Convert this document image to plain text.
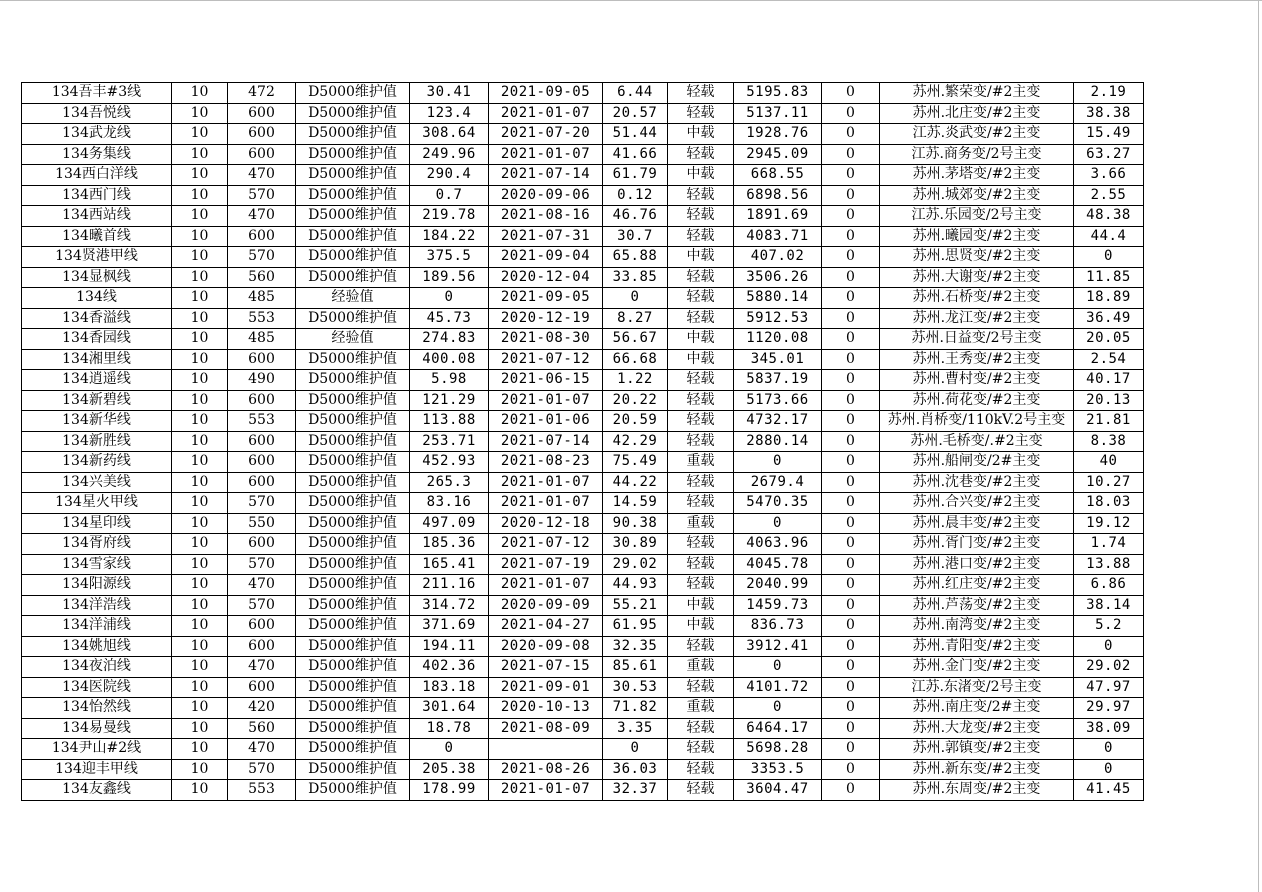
134吾丰#3线	10	472	D5000维护值	30.41	2021-09-05	6.44	轻载	5195.83	0	苏州.繁荣变/#2主变	2.19
134吾悦线	10	600	D5000维护值	123.4	2021-01-07	20.57	轻载	5137.11	0	苏州.北庄变/#2主变	38.38
134武龙线	10	600	D5000维护值	308.64	2021-07-20	51.44	中载	1928.76	0	江苏.炎武变/#2主变	15.49
134务集线	10	600	D5000维护值	249.96	2021-01-07	41.66	轻载	2945.09	0	江苏.商务变/2号主变	63.27
134西白洋线	10	470	D5000维护值	290.4	2021-07-14	61.79	中载	668.55	0	苏州.茅塔变/#2主变	3.66
134西门线	10	570	D5000维护值	0.7	2020-09-06	0.12	轻载	6898.56	0	苏州.城郊变/#2主变	2.55
134西站线	10	470	D5000维护值	219.78	2021-08-16	46.76	轻载	1891.69	0	江苏.乐园变/2号主变	48.38
134曦首线	10	600	D5000维护值	184.22	2021-07-31	30.7	轻载	4083.71	0	苏州.曦园变/#2主变	44.4
134贤港甲线	10	570	D5000维护值	375.5	2021-09-04	65.88	中载	407.02	0	苏州.思贤变/#2主变	0
134显枫线	10	560	D5000维护值	189.56	2020-12-04	33.85	轻载	3506.26	0	苏州.大谢变/#2主变	11.85
134线	10	485	经验值	0	2021-09-05	0	轻载	5880.14	0	苏州.石桥变/#2主变	18.89
134香溢线	10	553	D5000维护值	45.73	2020-12-19	8.27	轻载	5912.53	0	苏州.龙江变/#2主变	36.49
134香园线	10	485	经验值	274.83	2021-08-30	56.67	中载	1120.08	0	苏州.日益变/2号主变	20.05
134湘里线	10	600	D5000维护值	400.08	2021-07-12	66.68	中载	345.01	0	苏州.王秀变/#2主变	2.54
134逍遥线	10	490	D5000维护值	5.98	2021-06-15	1.22	轻载	5837.19	0	苏州.曹村变/#2主变	40.17
134新碧线	10	600	D5000维护值	121.29	2021-01-07	20.22	轻载	5173.66	0	苏州.荷花变/#2主变	20.13
134新华线	10	553	D5000维护值	113.88	2021-01-06	20.59	轻载	4732.17	0	苏州.肖桥变/110kV.2号主变	21.81
134新胜线	10	600	D5000维护值	253.71	2021-07-14	42.29	轻载	2880.14	0	苏州.毛桥变/.#2主变	8.38
134新药线	10	600	D5000维护值	452.93	2021-08-23	75.49	重载	0	0	苏州.船闸变/2#主变	40
134兴美线	10	600	D5000维护值	265.3	2021-01-07	44.22	轻载	2679.4	0	苏州.沈巷变/#2主变	10.27
134星火甲线	10	570	D5000维护值	83.16	2021-01-07	14.59	轻载	5470.35	0	苏州.合兴变/#2主变	18.03
134星印线	10	550	D5000维护值	497.09	2020-12-18	90.38	重载	0	0	苏州.晨丰变/#2主变	19.12
134胥府线	10	600	D5000维护值	185.36	2021-07-12	30.89	轻载	4063.96	0	苏州.胥门变/#2主变	1.74
134雪家线	10	570	D5000维护值	165.41	2021-07-19	29.02	轻载	4045.78	0	苏州.港口变/#2主变	13.88
134阳源线	10	470	D5000维护值	211.16	2021-01-07	44.93	轻载	2040.99	0	苏州.红庄变/#2主变	6.86
134洋浩线	10	570	D5000维护值	314.72	2020-09-09	55.21	中载	1459.73	0	苏州.芦荡变/#2主变	38.14
134洋浦线	10	600	D5000维护值	371.69	2021-04-27	61.95	中载	836.73	0	苏州.南湾变/#2主变	5.2
134姚旭线	10	600	D5000维护值	194.11	2020-09-08	32.35	轻载	3912.41	0	苏州.青阳变/#2主变	0
134夜泊线	10	470	D5000维护值	402.36	2021-07-15	85.61	重载	0	0	苏州.金门变/#2主变	29.02
134医院线	10	600	D5000维护值	183.18	2021-09-01	30.53	轻载	4101.72	0	江苏.东渚变/2号主变	47.97
134怡然线	10	420	D5000维护值	301.64	2020-10-13	71.82	重载	0	0	苏州.南庄变/2#主变	29.97
134易曼线	10	560	D5000维护值	18.78	2021-08-09	3.35	轻载	6464.17	0	苏州.大龙变/#2主变	38.09
134尹山#2线	10	470	D5000维护值	0		0	轻载	5698.28	0	苏州.郭镇变/#2主变	0
134迎丰甲线	10	570	D5000维护值	205.38	2021-08-26	36.03	轻载	3353.5	0	苏州.新东变/#2主变	0
134友鑫线	10	553	D5000维护值	178.99	2021-01-07	32.37	轻载	3604.47	0	苏州.东周变/#2主变	41.45
